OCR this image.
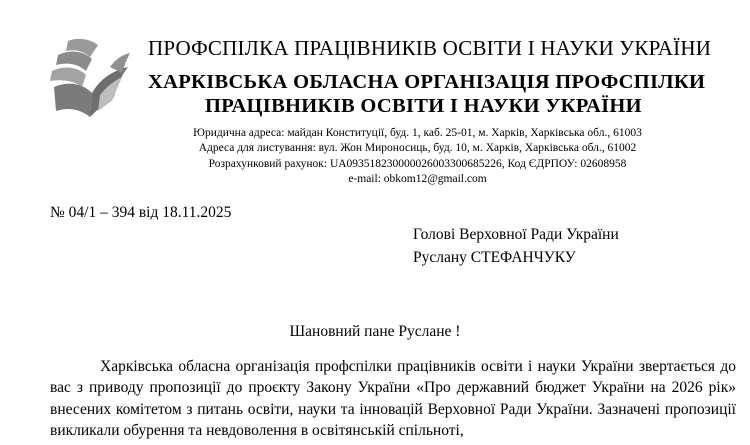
ПРОФСПІЛКА ПРАЦІВНИКІВ ОСВІТИ І НАУКИ УКРАЇНИ
ХАРКІВСЬКА ОБЛАСНА ОРГАНІЗАЦІЯ ПРОФСПІЛКИ
ПРАЦІВНИКІВ ОСВІТИ І НАУКИ УКРАЇНИ
Юридична адреса: майдан Конституції, буд. 1, каб. 25-01, м. Харків, Харківська обл., 61003
Адреса для листування: вул. Жон Мироносиць, буд. 10, м. Харків, Харківська обл., 61002
Розрахунковий рахунок: UA093518230000026003300685226, Код ЄДРПОУ: 02608958
e-mail: obkom12@gmail.com
№ 04/1 – 394 від 18.11.2025
Голові Верховної Ради України
Руслану СТЕФАНЧУКУ
Шановний пане Руслане !

Харківська обласна організація профспілки працівників освіти і науки України звертається до вас з приводу пропозиції до проєкту Закону України «Про державний бюджет України на 2026 рік» внесених комітетом з питань освіти, науки та інновацій Верховної Ради України. Зазначені пропозиції викликали обурення та невдоволення в освітянській спільноті,
